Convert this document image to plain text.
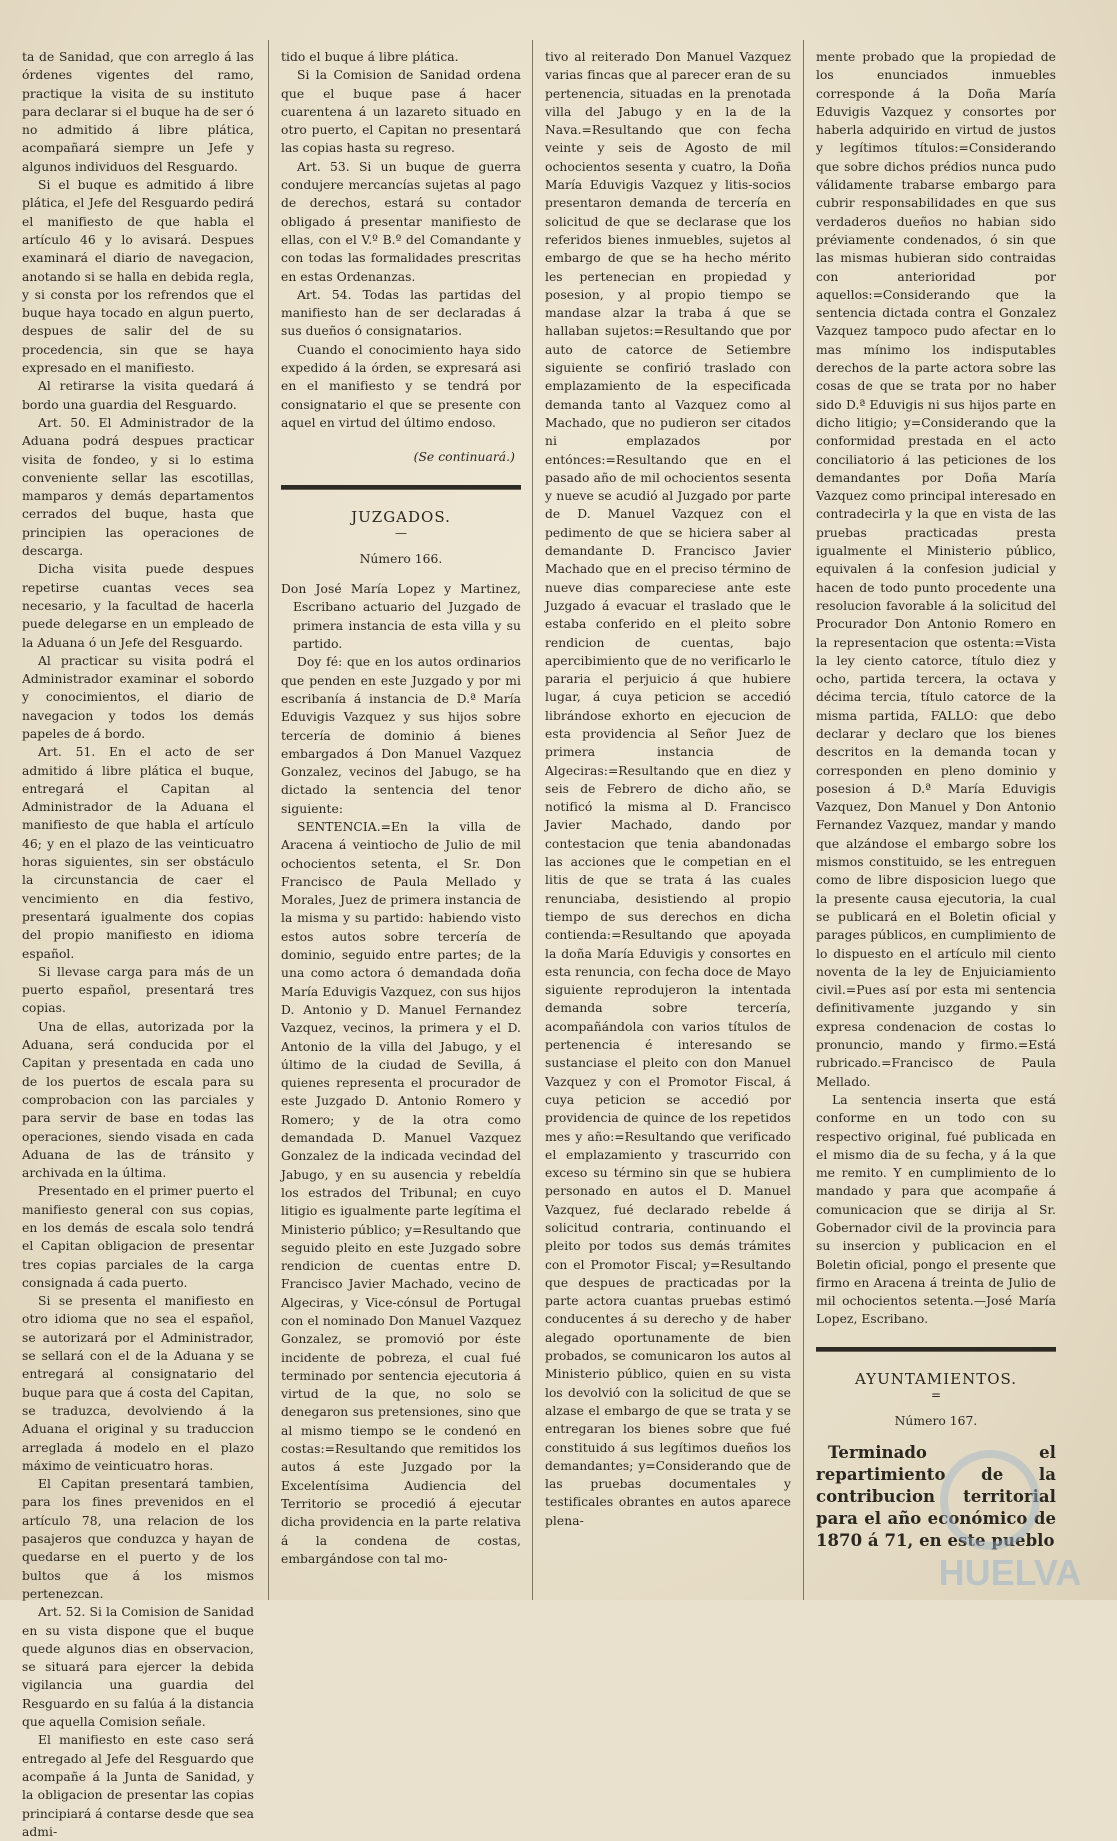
ta de Sanidad, que con arreglo á las órdenes vigentes del ramo, practique la visita de su instituto para declarar si el buque ha de ser ó no admitido á libre plática, acompañará siempre un Jefe y algunos individuos del Resguardo.

Si el buque es admitido á libre plática, el Jefe del Resguardo pedirá el manifiesto de que habla el artículo 46 y lo avisará. Despues examinará el diario de navegacion, anotando si se halla en debida regla, y si consta por los refrendos que el buque haya tocado en algun puerto, despues de salir del de su procedencia, sin que se haya expresado en el manifiesto.

Al retirarse la visita quedará á bordo una guardia del Resguardo.

Art. 50. El Administrador de la Aduana podrá despues practicar visita de fondeo, y si lo estima conveniente sellar las escotillas, mamparos y demás departamentos cerrados del buque, hasta que principien las operaciones de descarga.

Dicha visita puede despues repetirse cuantas veces sea necesario, y la facultad de hacerla puede delegarse en un empleado de la Aduana ó un Jefe del Resguardo.

Al practicar su visita podrá el Administrador examinar el sobordo y conocimientos, el diario de navegacion y todos los demás papeles de á bordo.

Art. 51. En el acto de ser admitido á libre plática el buque, entregará el Capitan al Administrador de la Aduana el manifiesto de que habla el artículo 46; y en el plazo de las veinticuatro horas siguientes, sin ser obstáculo la circunstancia de caer el vencimiento en dia festivo, presentará igualmente dos copias del propio manifiesto en idioma español.

Si llevase carga para más de un puerto español, presentará tres copias.

Una de ellas, autorizada por la Aduana, será conducida por el Capitan y presentada en cada uno de los puertos de escala para su comprobacion con las parciales y para servir de base en todas las operaciones, siendo visada en cada Aduana de las de tránsito y archivada en la última.

Presentado en el primer puerto el manifiesto general con sus copias, en los demás de escala solo tendrá el Capitan obligacion de presentar tres copias parciales de la carga consignada á cada puerto.

Si se presenta el manifiesto en otro idioma que no sea el español, se autorizará por el Administrador, se sellará con el de la Aduana y se entregará al consignatario del buque para que á costa del Capitan, se traduzca, devolviendo á la Aduana el original y su traduccion arreglada á modelo en el plazo máximo de veinticuatro horas.

El Capitan presentará tambien, para los fines prevenidos en el artículo 78, una relacion de los pasajeros que conduzca y hayan de quedarse en el puerto y de los bultos que á los mismos pertenezcan.

Art. 52. Si la Comision de Sanidad en su vista dispone que el buque quede algunos dias en observacion, se situará para ejercer la debida vigilancia una guardia del Resguardo en su falúa á la distancia que aquella Comision señale.

El manifiesto en este caso será entregado al Jefe del Resguardo que acompañe á la Junta de Sanidad, y la obligacion de presentar las copias principiará á contarse desde que sea admi-

tido el buque á libre plática.

Si la Comision de Sanidad ordena que el buque pase á hacer cuarentena á un lazareto situado en otro puerto, el Capitan no presentará las copias hasta su regreso.

Art. 53. Si un buque de guerra condujere mercancías sujetas al pago de derechos, estará su contador obligado á presentar manifiesto de ellas, con el V.º B.º del Comandante y con todas las formalidades prescritas en estas Ordenanzas.

Art. 54. Todas las partidas del manifiesto han de ser declaradas á sus dueños ó consignatarios.

Cuando el conocimiento haya sido expedido á la órden, se expresará asi en el manifiesto y se tendrá por consignatario el que se presente con aquel en virtud del último endoso.

(Se continuará.)

JUZGADOS.

—

Número 166.

Don José María Lopez y Martinez, Escribano actuario del Juzgado de primera instancia de esta villa y su partido.

Doy fé: que en los autos ordinarios que penden en este Juzgado y por mi escribanía á instancia de D.ª María Eduvigis Vazquez y sus hijos sobre tercería de dominio á bienes embargados á Don Manuel Vazquez Gonzalez, vecinos del Jabugo, se ha dictado la sentencia del tenor siguiente:

SENTENCIA.=En la villa de Aracena á veintiocho de Julio de mil ochocientos setenta, el Sr. Don Francisco de Paula Mellado y Morales, Juez de primera instancia de la misma y su partido: habiendo visto estos autos sobre tercería de dominio, seguido entre partes; de la una como actora ó demandada doña María Eduvigis Vazquez, con sus hijos D. Antonio y D. Manuel Fernandez Vazquez, vecinos, la primera y el D. Antonio de la villa del Jabugo, y el último de la ciudad de Sevilla, á quienes representa el procurador de este Juzgado D. Antonio Romero y Romero; y de la otra como demandada D. Manuel Vazquez Gonzalez de la indicada vecindad del Jabugo, y en su ausencia y rebeldía los estrados del Tribunal; en cuyo litigio es igualmente parte legítima el Ministerio público; y=Resultando que seguido pleito en este Juzgado sobre rendicion de cuentas entre D. Francisco Javier Machado, vecino de Algeciras, y Vice-cónsul de Portugal con el nominado Don Manuel Vazquez Gonzalez, se promovió por éste incidente de pobreza, el cual fué terminado por sentencia ejecutoria á virtud de la que, no solo se denegaron sus pretensiones, sino que al mismo tiempo se le condenó en costas:=Resultando que remitidos los autos á este Juzgado por la Excelentísima Audiencia del Territorio se procedió á ejecutar dicha providencia en la parte relativa á la condena de costas, embargándose con tal mo-

tivo al reiterado Don Manuel Vazquez varias fincas que al parecer eran de su pertenencia, situadas en la prenotada villa del Jabugo y en la de la Nava.=Resultando que con fecha veinte y seis de Agosto de mil ochocientos sesenta y cuatro, la Doña María Eduvigis Vazquez y litis-socios presentaron demanda de tercería en solicitud de que se declarase que los referidos bienes inmuebles, sujetos al embargo de que se ha hecho mérito les pertenecian en propiedad y posesion, y al propio tiempo se mandase alzar la traba á que se hallaban sujetos:=Resultando que por auto de catorce de Setiembre siguiente se confirió traslado con emplazamiento de la especificada demanda tanto al Vazquez como al Machado, que no pudieron ser citados ni emplazados por entónces:=Resultando que en el pasado año de mil ochocientos sesenta y nueve se acudió al Juzgado por parte de D. Manuel Vazquez con el pedimento de que se hiciera saber al demandante D. Francisco Javier Machado que en el preciso término de nueve dias compareciese ante este Juzgado á evacuar el traslado que le estaba conferido en el pleito sobre rendicion de cuentas, bajo apercibimiento que de no verificarlo le pararia el perjuicio á que hubiere lugar, á cuya peticion se accedió librándose exhorto en ejecucion de esta providencia al Señor Juez de primera instancia de Algeciras:=Resultando que en diez y seis de Febrero de dicho año, se notificó la misma al D. Francisco Javier Machado, dando por contestacion que tenia abandonadas las acciones que le competian en el litis de que se trata á las cuales renunciaba, desistiendo al propio tiempo de sus derechos en dicha contienda:=Resultando que apoyada la doña María Eduvigis y consortes en esta renuncia, con fecha doce de Mayo siguiente reprodujeron la intentada demanda sobre tercería, acompañándola con varios títulos de pertenencia é interesando se sustanciase el pleito con don Manuel Vazquez y con el Promotor Fiscal, á cuya peticion se accedió por providencia de quince de los repetidos mes y año:=Resultando que verificado el emplazamiento y trascurrido con exceso su término sin que se hubiera personado en autos el D. Manuel Vazquez, fué declarado rebelde á solicitud contraria, continuando el pleito por todos sus demás trámites con el Promotor Fiscal; y=Resultando que despues de practicadas por la parte actora cuantas pruebas estimó conducentes á su derecho y de haber alegado oportunamente de bien probados, se comunicaron los autos al Ministerio público, quien en su vista los devolvió con la solicitud de que se alzase el embargo de que se trata y se entregaran los bienes sobre que fué constituido á sus legítimos dueños los demandantes; y=Considerando que de las pruebas documentales y testificales obrantes en autos aparece plena-

mente probado que la propiedad de los enunciados inmuebles corresponde á la Doña María Eduvigis Vazquez y consortes por haberla adquirido en virtud de justos y legítimos títulos:=Considerando que sobre dichos prédios nunca pudo válidamente trabarse embargo para cubrir responsabilidades en que sus verdaderos dueños no habian sido préviamente condenados, ó sin que las mismas hubieran sido contraidas con anterioridad por aquellos:=Considerando que la sentencia dictada contra el Gonzalez Vazquez tampoco pudo afectar en lo mas mínimo los indisputables derechos de la parte actora sobre las cosas de que se trata por no haber sido D.ª Eduvigis ni sus hijos parte en dicho litigio; y=Considerando que la conformidad prestada en el acto conciliatorio á las peticiones de los demandantes por Doña María Vazquez como principal interesado en contradecirla y la que en vista de las pruebas practicadas presta igualmente el Ministerio público, equivalen á la confesion judicial y hacen de todo punto procedente una resolucion favorable á la solicitud del Procurador Don Antonio Romero en la representacion que ostenta:=Vista la ley ciento catorce, título diez y ocho, partida tercera, la octava y décima tercia, título catorce de la misma partida, FALLO: que debo declarar y declaro que los bienes descritos en la demanda tocan y corresponden en pleno dominio y posesion á D.ª María Eduvigis Vazquez, Don Manuel y Don Antonio Fernandez Vazquez, mandar y mando que alzándose el embargo sobre los mismos constituido, se les entreguen como de libre disposicion luego que la presente causa ejecutoria, la cual se publicará en el Boletin oficial y parages públicos, en cumplimiento de lo dispuesto en el artículo mil ciento noventa de la ley de Enjuiciamiento civil.=Pues así por esta mi sentencia definitivamente juzgando y sin expresa condenacion de costas lo pronuncio, mando y firmo.=Está rubricado.=Francisco de Paula Mellado.

La sentencia inserta que está conforme en un todo con su respectivo original, fué publicada en el mismo dia de su fecha, y á la que me remito. Y en cumplimiento de lo mandado y para que acompañe á comunicacion que se dirija al Sr. Gobernador civil de la provincia para su insercion y publicacion en el Boletin oficial, pongo el presente que firmo en Aracena á treinta de Julio de mil ochocientos setenta.—José María Lopez, Escribano.

AYUNTAMIENTOS.

=

Número 167.

Terminado el repartimiento de la contribucion territorial para el año económico de 1870 á 71, en este pueblo

HUELVA
